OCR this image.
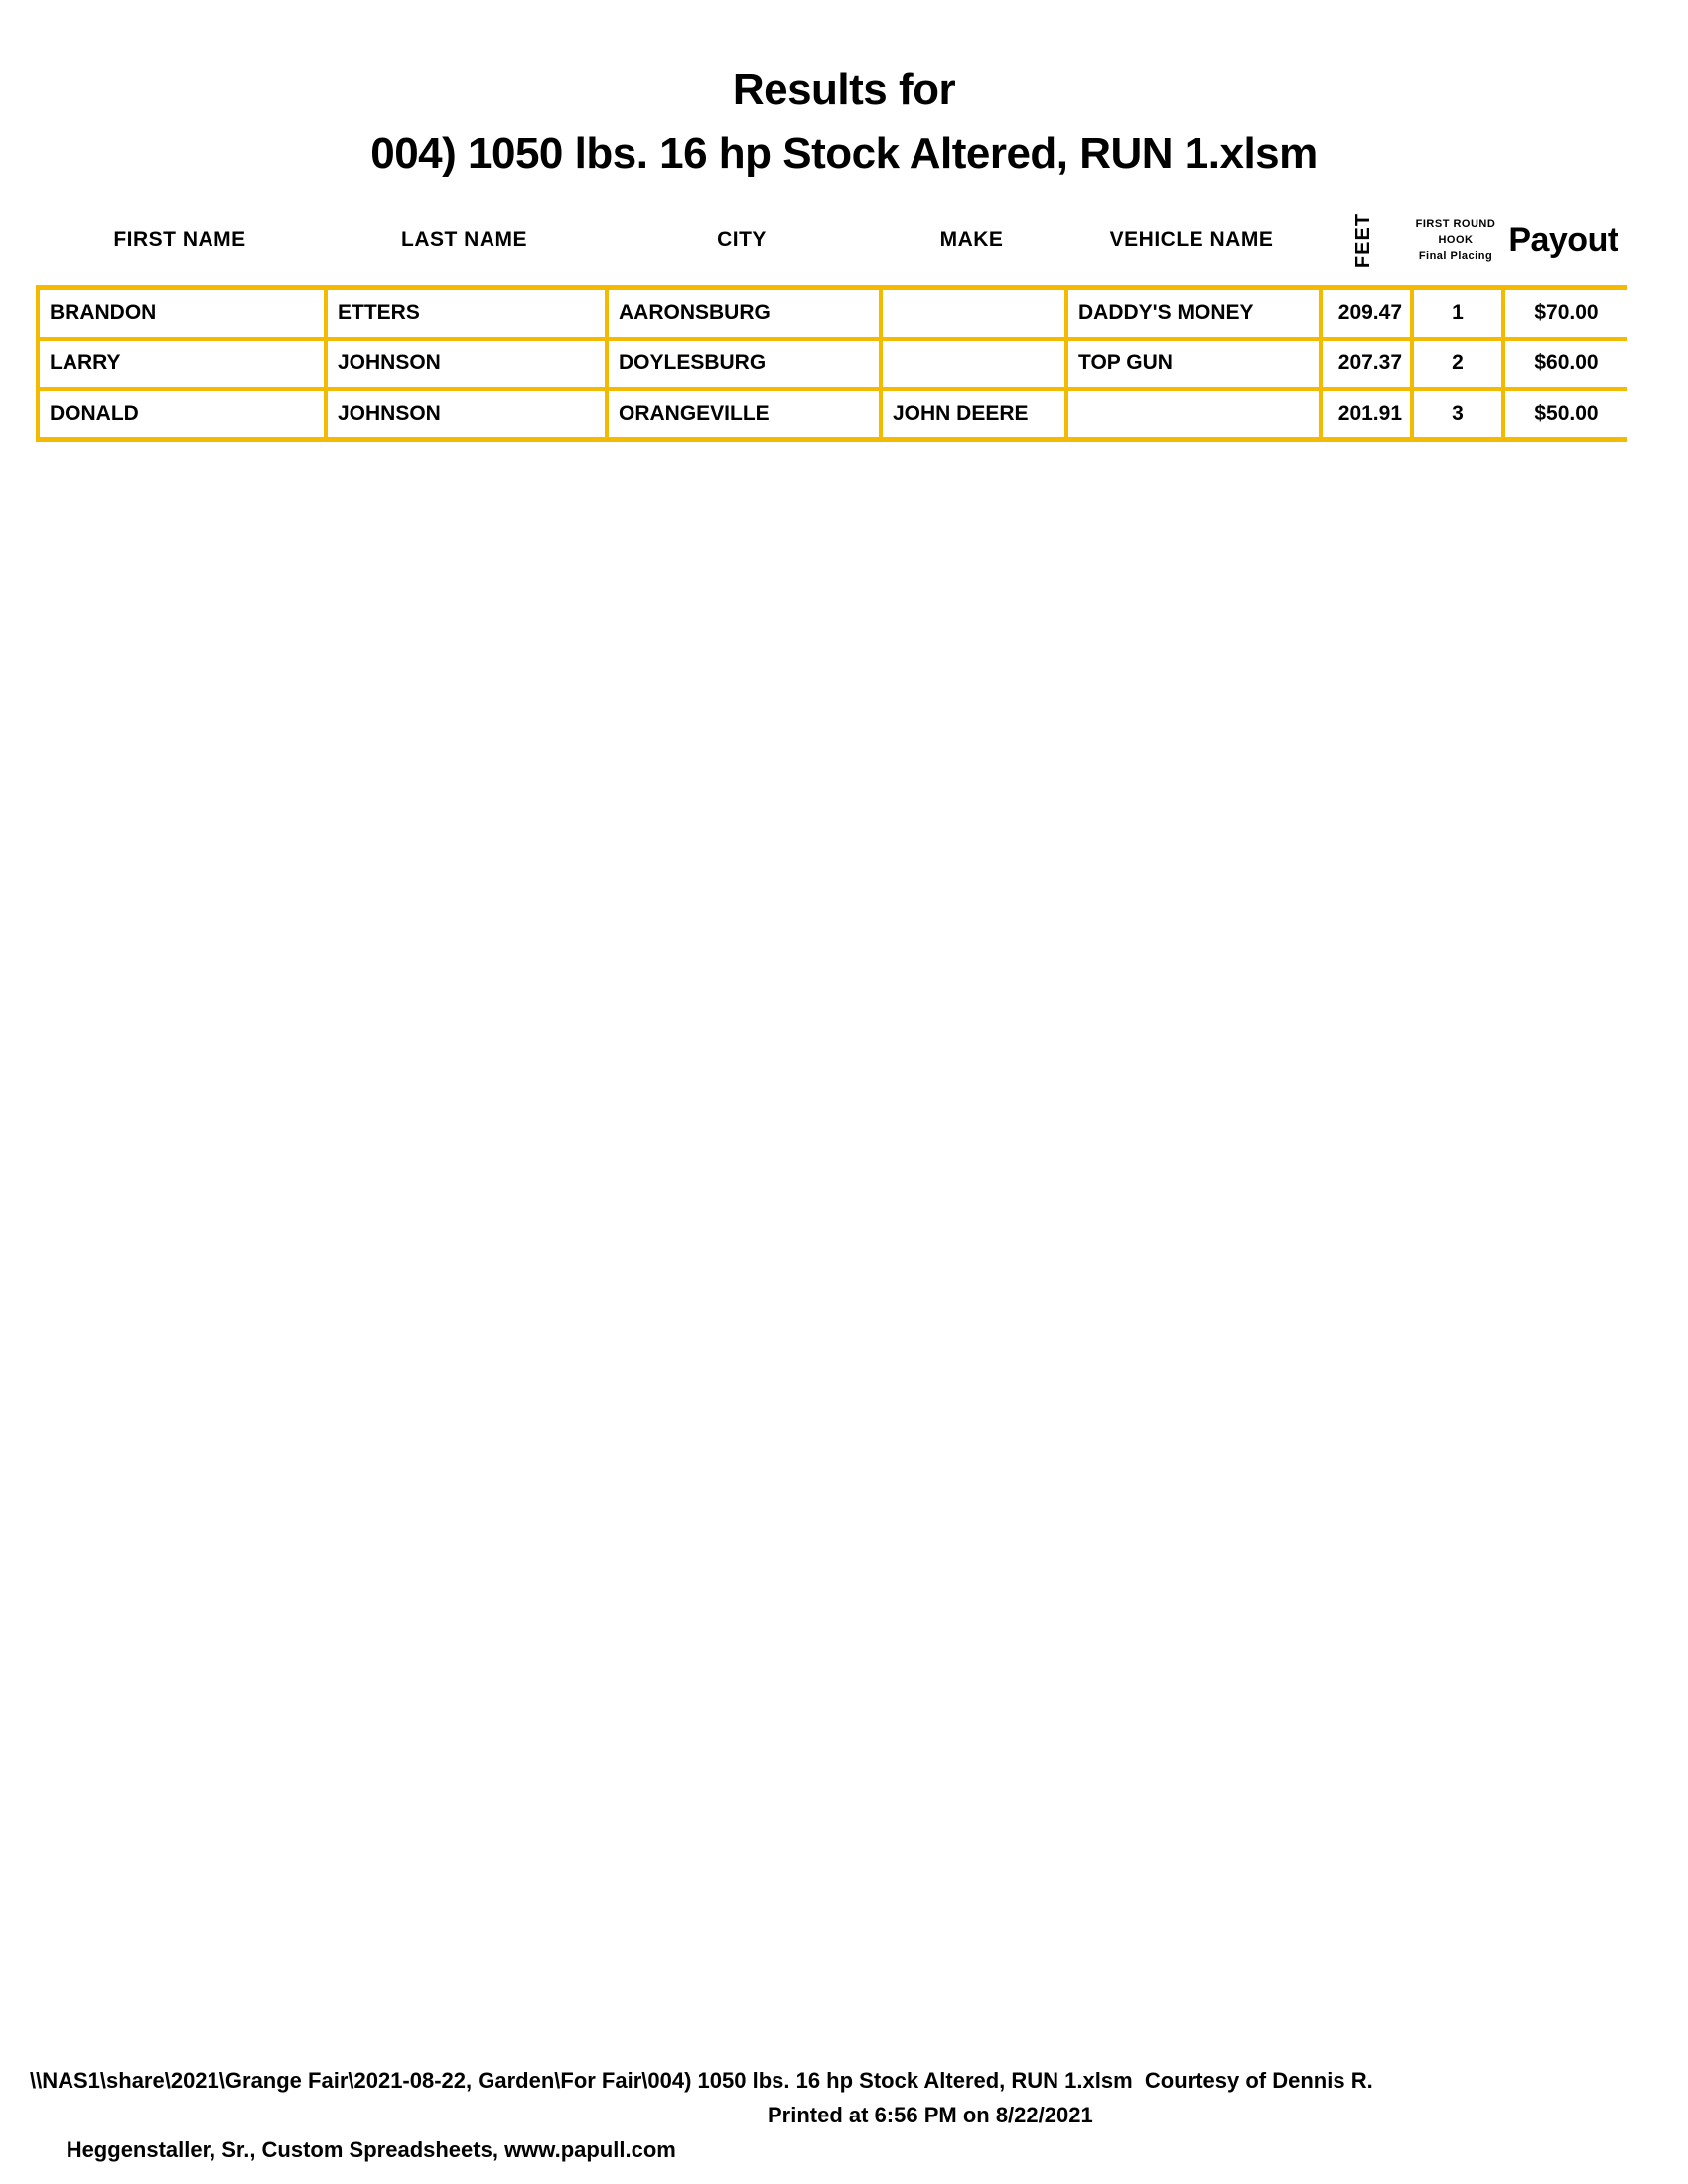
Results for
004) 1050 lbs. 16 hp Stock Altered, RUN 1.xlsm
FIRST NAME	LAST NAME	CITY	MAKE	VEHICLE NAME	FEET	FIRST ROUND
HOOK
Final Placing Payout
BRANDON	ETTERS	AARONSBURG		DADDY'S MONEY	209.47	1	$70.00
LARRY	JOHNSON	DOYLESBURG		TOP GUN	207.37	2	$60.00
DONALD	JOHNSON	ORANGEVILLE	JOHN DEERE		201.91	3	$50.00
\\NAS1\share\2021\Grange Fair\2021-08-22, Garden\For Fair\004) 1050 lbs. 16 hp Stock Altered, RUN 1.xlsm  Courtesy of Dennis R.

Heggenstaller, Sr., Custom Spreadsheets, www.papull.com

Printed at 6:56 PM on 8/22/2021
